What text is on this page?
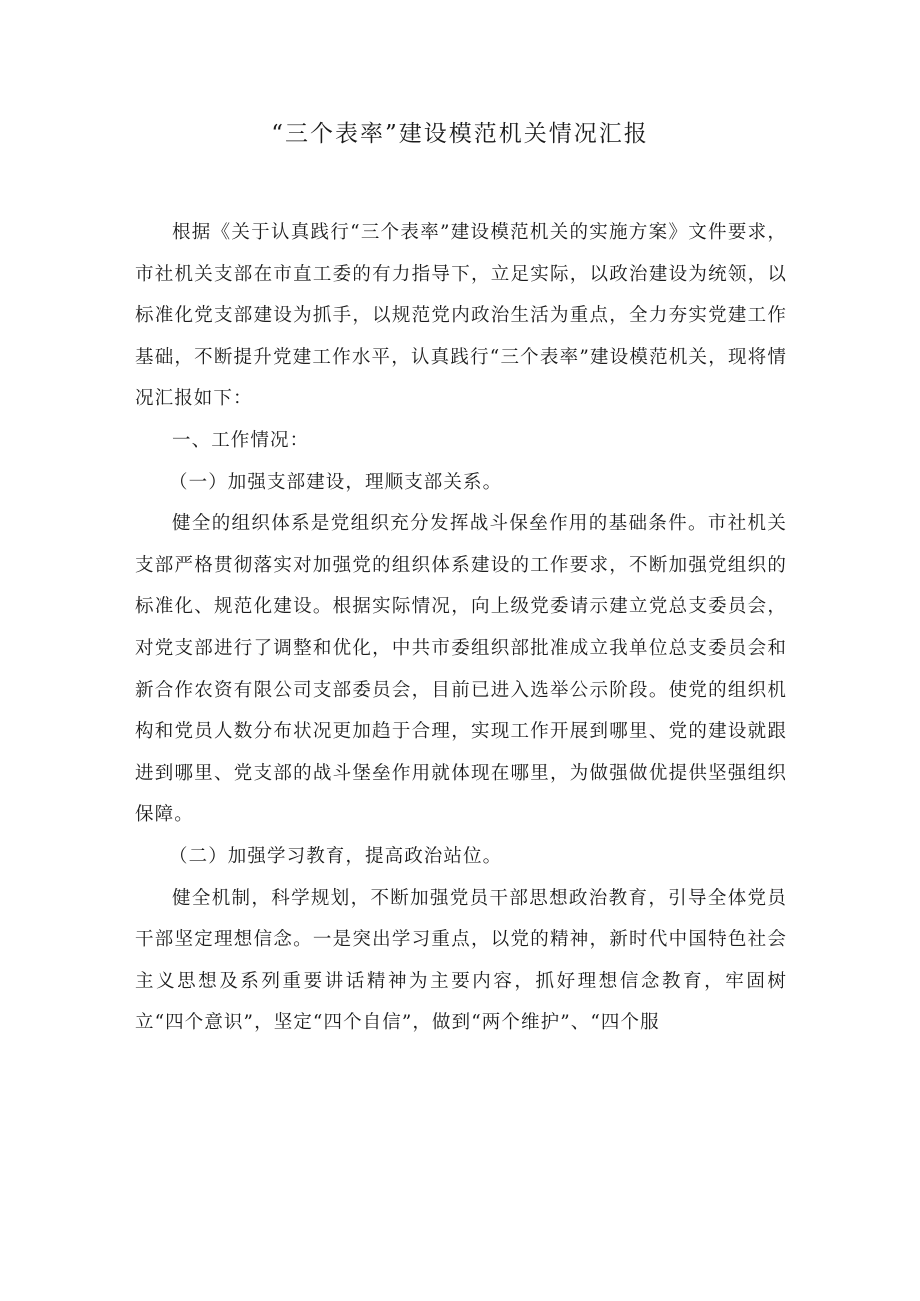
“三个表率”建设模范机关情况汇报

根据《关于认真践行“三个表率”建设模范机关的实施方案》文件要求，市社机关支部在市直工委的有力指导下，立足实际，以政治建设为统领，以标准化党支部建设为抓手，以规范党内政治生活为重点，全力夯实党建工作基础，不断提升党建工作水平，认真践行“三个表率”建设模范机关，现将情况汇报如下：

一、工作情况：

（一）加强支部建设，理顺支部关系。

健全的组织体系是党组织充分发挥战斗保垒作用的基础条件。市社机关支部严格贯彻落实对加强党的组织体系建设的工作要求，不断加强党组织的标准化、规范化建设。根据实际情况，向上级党委请示建立党总支委员会，对党支部进行了调整和优化，中共市委组织部批准成立我单位总支委员会和新合作农资有限公司支部委员会，目前已进入选举公示阶段。使党的组织机构和党员人数分布状况更加趋于合理，实现工作开展到哪里、党的建设就跟进到哪里、党支部的战斗堡垒作用就体现在哪里，为做强做优提供坚强组织保障。

（二）加强学习教育，提高政治站位。

健全机制，科学规划，不断加强党员干部思想政治教育，引导全体党员干部坚定理想信念。一是突出学习重点，以党的精神，新时代中国特色社会主义思想及系列重要讲话精神为主要内容，抓好理想信念教育，牢固树立“四个意识”，坚定“四个自信”，做到“两个维护”、“四个服
